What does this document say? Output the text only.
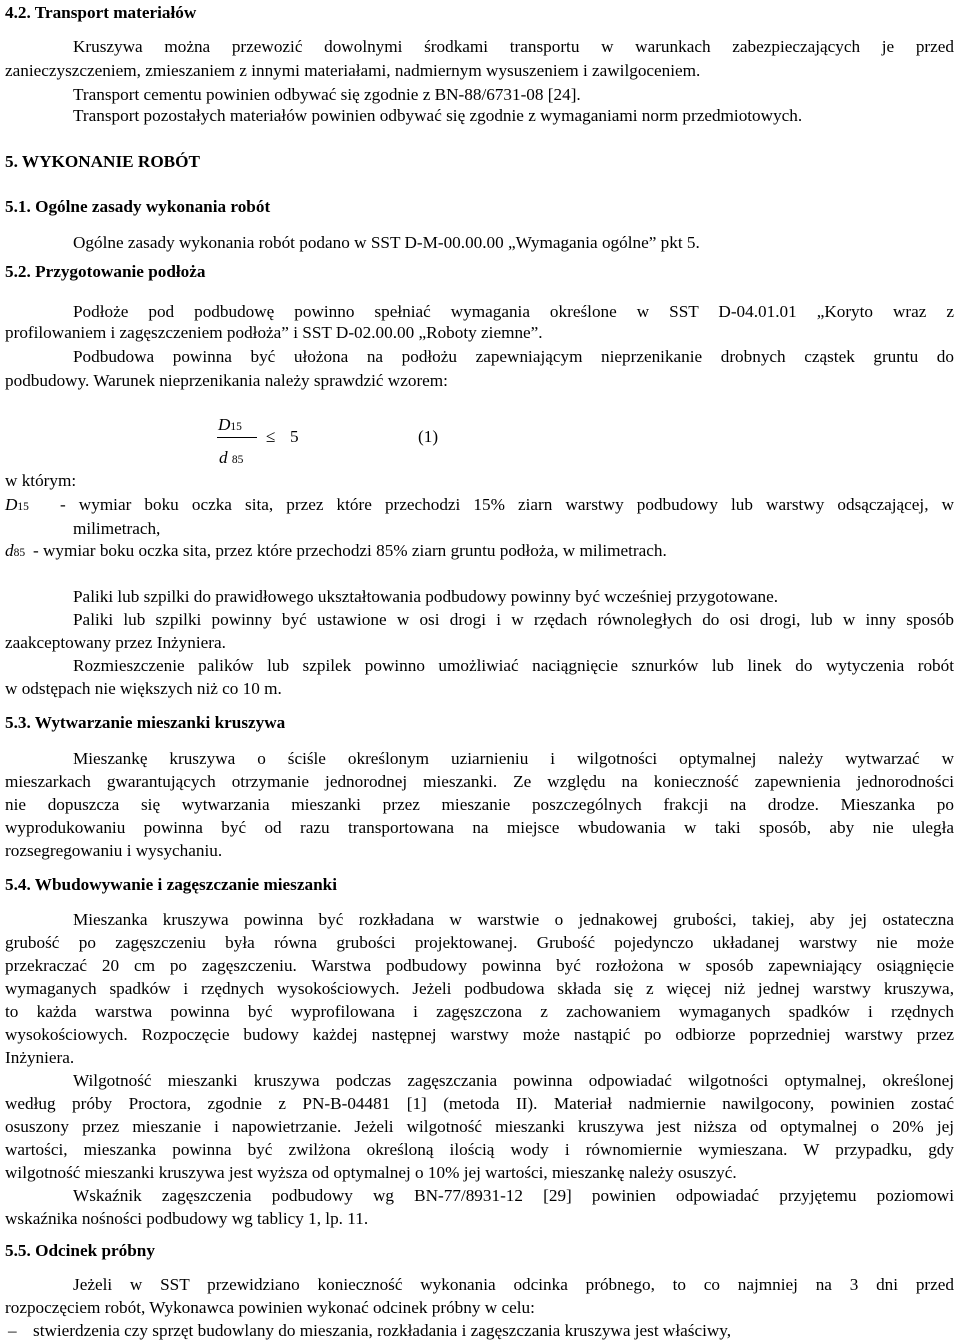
4.2. Transport materiałów
Kruszywa można przewozić dowolnymi środkami transportu w warunkach zabezpieczających je przed
zanieczyszczeniem, zmieszaniem z innymi materiałami, nadmiernym wysuszeniem i zawilgoceniem.
Transport cementu powinien odbywać się zgodnie z BN-88/6731-08 [24].
Transport pozostałych materiałów powinien odbywać się zgodnie z wymaganiami norm przedmiotowych.
5. WYKONANIE ROBÓT
5.1. Ogólne zasady wykonania robót
Ogólne zasady wykonania robót podano w SST D-M-00.00.00 „Wymagania ogólne” pkt 5.
5.2. Przygotowanie podłoża
Podłoże pod podbudowę powinno spełniać wymagania określone w SST D-04.01.01 „Koryto wraz z
profilowaniem i zagęszczeniem podłoża” i SST D-02.00.00 „Roboty ziemne”.
Podbudowa powinna być ułożona na podłożu zapewniającym nieprzenikanie drobnych cząstek gruntu do
podbudowy. Warunek nieprzenikania należy sprawdzić wzorem:
D15
d 85
≤ 5	(1)
w którym:
D15 - wymiar boku oczka sita, przez które przechodzi 15% ziarn warstwy podbudowy lub warstwy odsączającej, w
milimetrach,
d85 - wymiar boku oczka sita, przez które przechodzi 85% ziarn gruntu podłoża, w milimetrach.
Paliki lub szpilki do prawidłowego ukształtowania podbudowy powinny być wcześniej przygotowane.
Paliki lub szpilki powinny być ustawione w osi drogi i w rzędach równoległych do osi drogi, lub w inny sposób
zaakceptowany przez Inżyniera.
Rozmieszczenie palików lub szpilek powinno umożliwiać naciągnięcie sznurków lub linek do wytyczenia robót
w odstępach nie większych niż co 10 m.
5.3. Wytwarzanie mieszanki kruszywa
Mieszankę kruszywa o ściśle określonym uziarnieniu i wilgotności optymalnej należy wytwarzać w
mieszarkach gwarantujących otrzymanie jednorodnej mieszanki. Ze względu na konieczność zapewnienia jednorodności
nie dopuszcza się wytwarzania mieszanki przez mieszanie poszczególnych frakcji na drodze. Mieszanka po
wyprodukowaniu powinna być od razu transportowana na miejsce wbudowania w taki sposób, aby nie uległa
rozsegregowaniu i wysychaniu.
5.4. Wbudowywanie i zagęszczanie mieszanki
Mieszanka kruszywa powinna być rozkładana w warstwie o jednakowej grubości, takiej, aby jej ostateczna
grubość po zagęszczeniu była równa grubości projektowanej. Grubość pojedynczo układanej warstwy nie może
przekraczać 20 cm po zagęszczeniu. Warstwa podbudowy powinna być rozłożona w sposób zapewniający osiągnięcie
wymaganych spadków i rzędnych wysokościowych. Jeżeli podbudowa składa się z więcej niż jednej warstwy kruszywa,
to każda warstwa powinna być wyprofilowana i zagęszczona z zachowaniem wymaganych spadków i rzędnych
wysokościowych. Rozpoczęcie budowy każdej następnej warstwy może nastąpić po odbiorze poprzedniej warstwy przez
Inżyniera.
Wilgotność mieszanki kruszywa podczas zagęszczania powinna odpowiadać wilgotności optymalnej, określonej
według próby Proctora, zgodnie z PN-B-04481 [1] (metoda II). Materiał nadmiernie nawilgocony, powinien zostać
osuszony przez mieszanie i napowietrzanie. Jeżeli wilgotność mieszanki kruszywa jest niższa od optymalnej o 20% jej
wartości, mieszanka powinna być zwilżona określoną ilością wody i równomiernie wymieszana. W przypadku, gdy
wilgotność mieszanki kruszywa jest wyższa od optymalnej o 10% jej wartości, mieszankę należy osuszyć.
Wskaźnik zagęszczenia podbudowy wg BN-77/8931-12 [29] powinien odpowiadać przyjętemu poziomowi
wskaźnika nośności podbudowy wg tablicy 1, lp. 11.
5.5. Odcinek próbny
Jeżeli w SST przewidziano konieczność wykonania odcinka próbnego, to co najmniej na 3 dni przed
rozpoczęciem robót, Wykonawca powinien wykonać odcinek próbny w celu:
– stwierdzenia czy sprzęt budowlany do mieszania, rozkładania i zagęszczania kruszywa jest właściwy,
